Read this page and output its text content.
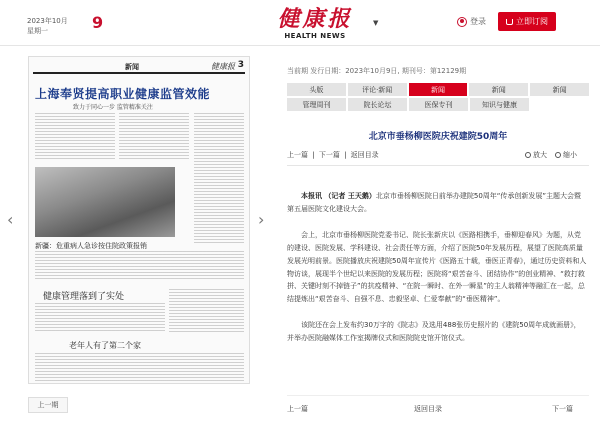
2023年10月
星期一	9	健康报
HEALTH NEWS
▼	登录	立即订阅
‹	›
新闻	健康报 3
上海奉贤提高职业健康监管效能
致力于同心一步 监管精准关注
新疆：危重病人急诊按住院政策报销
健康管理落到了实处
老年人有了第二个家
上一期
当前期 发行日期：2023年10月9日, 期刊号：第12129期
头版	评论·新闻	新闻	新闻	新闻
管理周刊	院长论坛	医保专刊	知识与健康
北京市垂杨柳医院庆祝建院50周年
上一篇 | 下一篇 | 返回目录	放大	缩小

本报讯 （记者 王天鹅）北京市垂杨柳医院日前举办建院50周年“传承创新发展”主题大会暨第五届医院文化建设大会。

会上，北京市垂杨柳医院党委书记、院长张新庆以《医路相携手，垂柳迎春风》为题，从党的建设、医院发展、学科建设、社会责任等方面，介绍了医院50年发展历程，展望了医院高质量发展光明前景。医院播放庆祝建院50周年宣传片《医路五十载，垂医正青春》，通过历史资料和人物访谈，展现半个世纪以来医院的发展历程；医院将“艰苦奋斗、团结协作”的创业精神、“救打救拼、关键时刻不掉链子”的抗疫精神、“在院一瞬时、在外一瞬星”的主人翁精神等融汇在一起，总结提炼出“艰苦奋斗、自强不息、忠毅坚卓、仁爱奉献”的“垂医精神”。

该院还在会上发布约30万字的《院志》及选用488张历史照片的《建院50周年成就画册》，并举办医院融媒体工作室揭牌仪式和医院院史馆开馆仪式。

上一篇	返回目录	下一篇
